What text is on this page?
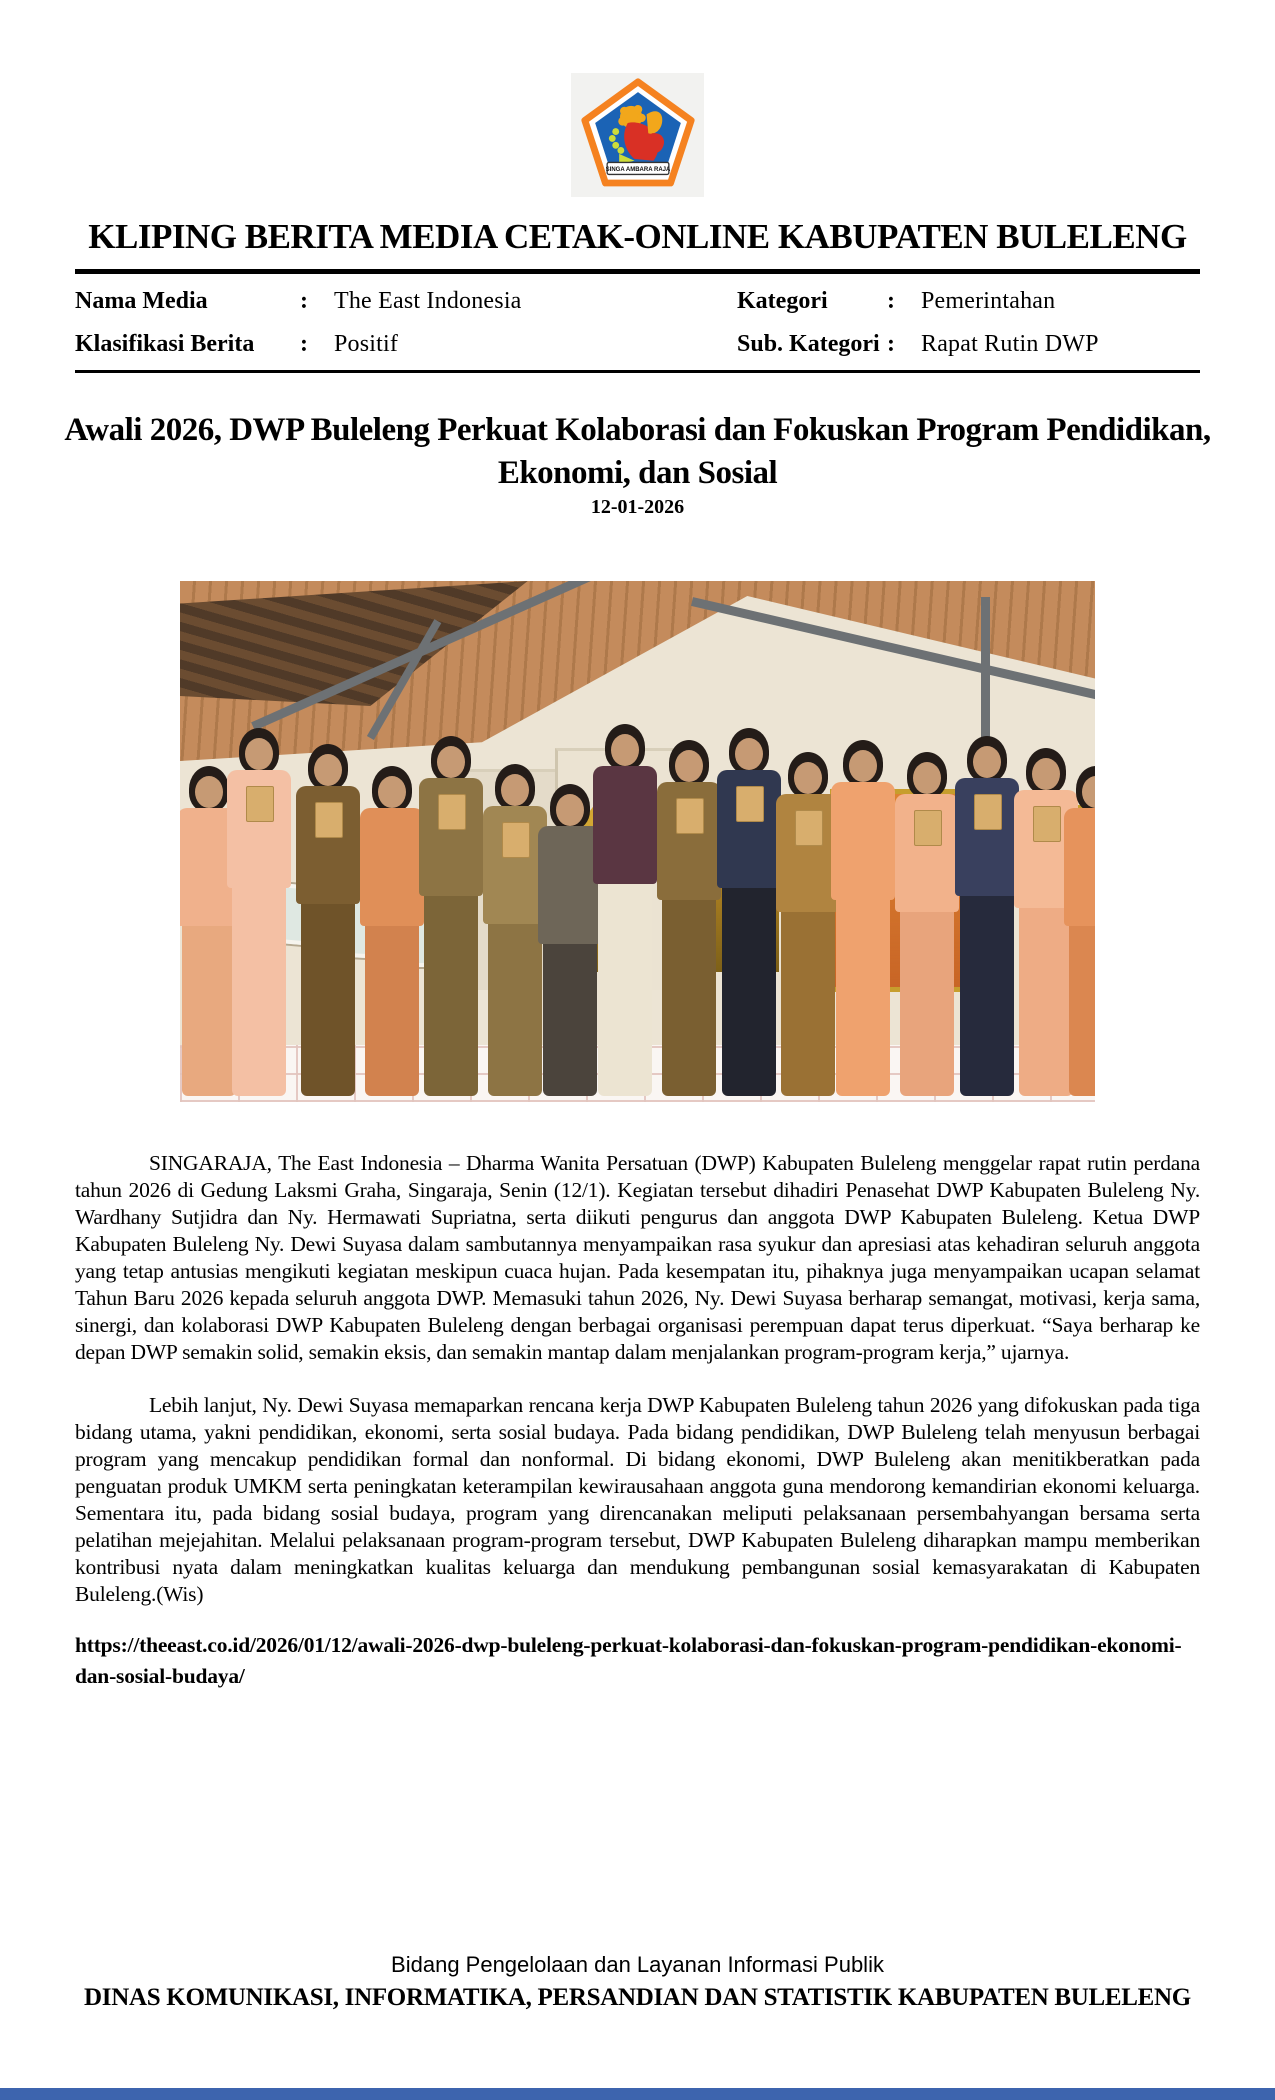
SINGA AMBARA RAJA
KLIPING BERITA MEDIA CETAK-ONLINE KABUPATEN BULELENG
Nama Media	:	The East Indonesia	Kategori	:	Pemerintahan
Klasifikasi Berita	:	Positif	Sub. Kategori :	Rapat Rutin DWP
Awali 2026, DWP Buleleng Perkuat Kolaborasi dan Fokuskan Program Pendidikan, Ekonomi, dan Sosial
12-01-2026

SINGARAJA, The East Indonesia – Dharma Wanita Persatuan (DWP) Kabupaten Buleleng menggelar rapat rutin perdana tahun 2026 di Gedung Laksmi Graha, Singaraja, Senin (12/1). Kegiatan tersebut dihadiri Penasehat DWP Kabupaten Buleleng Ny. Wardhany Sutjidra dan Ny. Hermawati Supriatna, serta diikuti pengurus dan anggota DWP Kabupaten Buleleng. Ketua DWP Kabupaten Buleleng Ny. Dewi Suyasa dalam sambutannya menyampaikan rasa syukur dan apresiasi atas kehadiran seluruh anggota yang tetap antusias mengikuti kegiatan meskipun cuaca hujan. Pada kesempatan itu, pihaknya juga menyampaikan ucapan selamat Tahun Baru 2026 kepada seluruh anggota DWP. Memasuki tahun 2026, Ny. Dewi Suyasa berharap semangat, motivasi, kerja sama, sinergi, dan kolaborasi DWP Kabupaten Buleleng dengan berbagai organisasi perempuan dapat terus diperkuat. “Saya berharap ke depan DWP semakin solid, semakin eksis, dan semakin mantap dalam menjalankan program-program kerja,” ujarnya.

Lebih lanjut, Ny. Dewi Suyasa memaparkan rencana kerja DWP Kabupaten Buleleng tahun 2026 yang difokuskan pada tiga bidang utama, yakni pendidikan, ekonomi, serta sosial budaya. Pada bidang pendidikan, DWP Buleleng telah menyusun berbagai program yang mencakup pendidikan formal dan nonformal. Di bidang ekonomi, DWP Buleleng akan menitikberatkan pada penguatan produk UMKM serta peningkatan keterampilan kewirausahaan anggota guna mendorong kemandirian ekonomi keluarga. Sementara itu, pada bidang sosial budaya, program yang direncanakan meliputi pelaksanaan persembahyangan bersama serta pelatihan mejejahitan. Melalui pelaksanaan program-program tersebut, DWP Kabupaten Buleleng diharapkan mampu memberikan kontribusi nyata dalam meningkatkan kualitas keluarga dan mendukung pembangunan sosial kemasyarakatan di Kabupaten Buleleng.(Wis)

https://theeast.co.id/2026/01/12/awali-2026-dwp-buleleng-perkuat-kolaborasi-dan-fokuskan-program-pendidikan-ekonomi-dan-sosial-budaya/
Bidang Pengelolaan dan Layanan Informasi Publik
DINAS KOMUNIKASI, INFORMATIKA, PERSANDIAN DAN STATISTIK KABUPATEN BULELENG
